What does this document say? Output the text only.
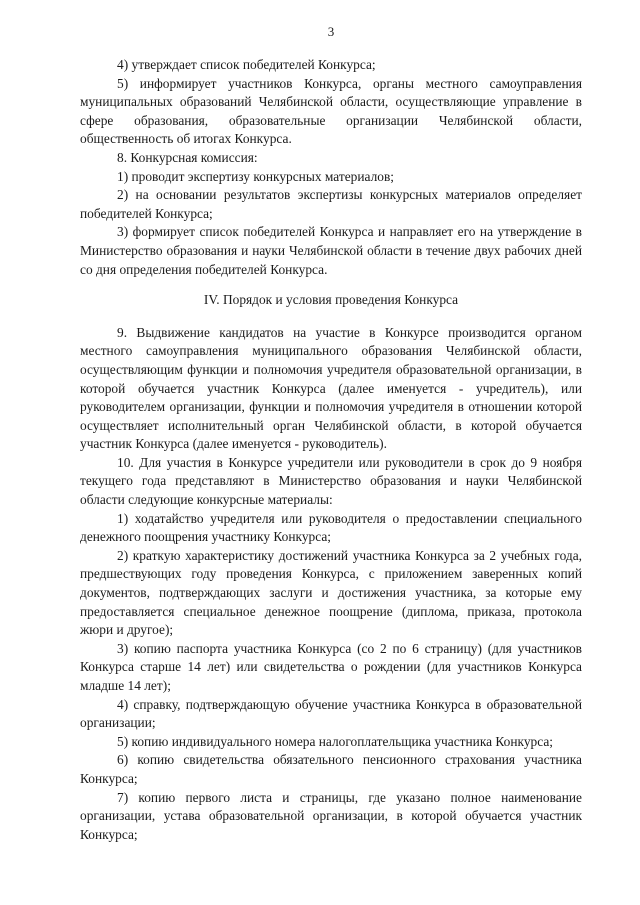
3

4) утверждает список победителей Конкурса;

5) информирует участников Конкурса, органы местного самоуправления муниципальных образований Челябинской области, осуществляющие управление в сфере образования, образовательные организации Челябинской области, общественность об итогах Конкурса.

8. Конкурсная комиссия:

1) проводит экспертизу конкурсных материалов;

2) на основании результатов экспертизы конкурсных материалов определяет победителей Конкурса;

3) формирует список победителей Конкурса и направляет его на утверждение в Министерство образования и науки Челябинской области в течение двух рабочих дней со дня определения победителей Конкурса.

IV. Порядок и условия проведения Конкурса

9. Выдвижение кандидатов на участие в Конкурсе производится органом местного самоуправления муниципального образования Челябинской области, осуществляющим функции и полномочия учредителя образовательной организации, в которой обучается участник Конкурса (далее именуется - учредитель), или руководителем организации, функции и полномочия учредителя в отношении которой осуществляет исполнительный орган Челябинской области, в которой обучается участник Конкурса (далее именуется - руководитель).

10. Для участия в Конкурсе учредители или руководители в срок до 9 ноября текущего года представляют в Министерство образования и науки Челябинской области следующие конкурсные материалы:

1) ходатайство учредителя или руководителя о предоставлении специального денежного поощрения участнику Конкурса;

2) краткую характеристику достижений участника Конкурса за 2 учебных года, предшествующих году проведения Конкурса, с приложением заверенных копий документов, подтверждающих заслуги и достижения участника, за которые ему предоставляется специальное денежное поощрение (диплома, приказа, протокола жюри и другое);

3) копию паспорта участника Конкурса (со 2 по 6 страницу) (для участников Конкурса старше 14 лет) или свидетельства о рождении (для участников Конкурса младше 14 лет);

4) справку, подтверждающую обучение участника Конкурса в образовательной организации;

5) копию индивидуального номера налогоплательщика участника Конкурса;

6) копию свидетельства обязательного пенсионного страхования участника Конкурса;

7) копию первого листа и страницы, где указано полное наименование организации, устава образовательной организации, в которой обучается участник Конкурса;
